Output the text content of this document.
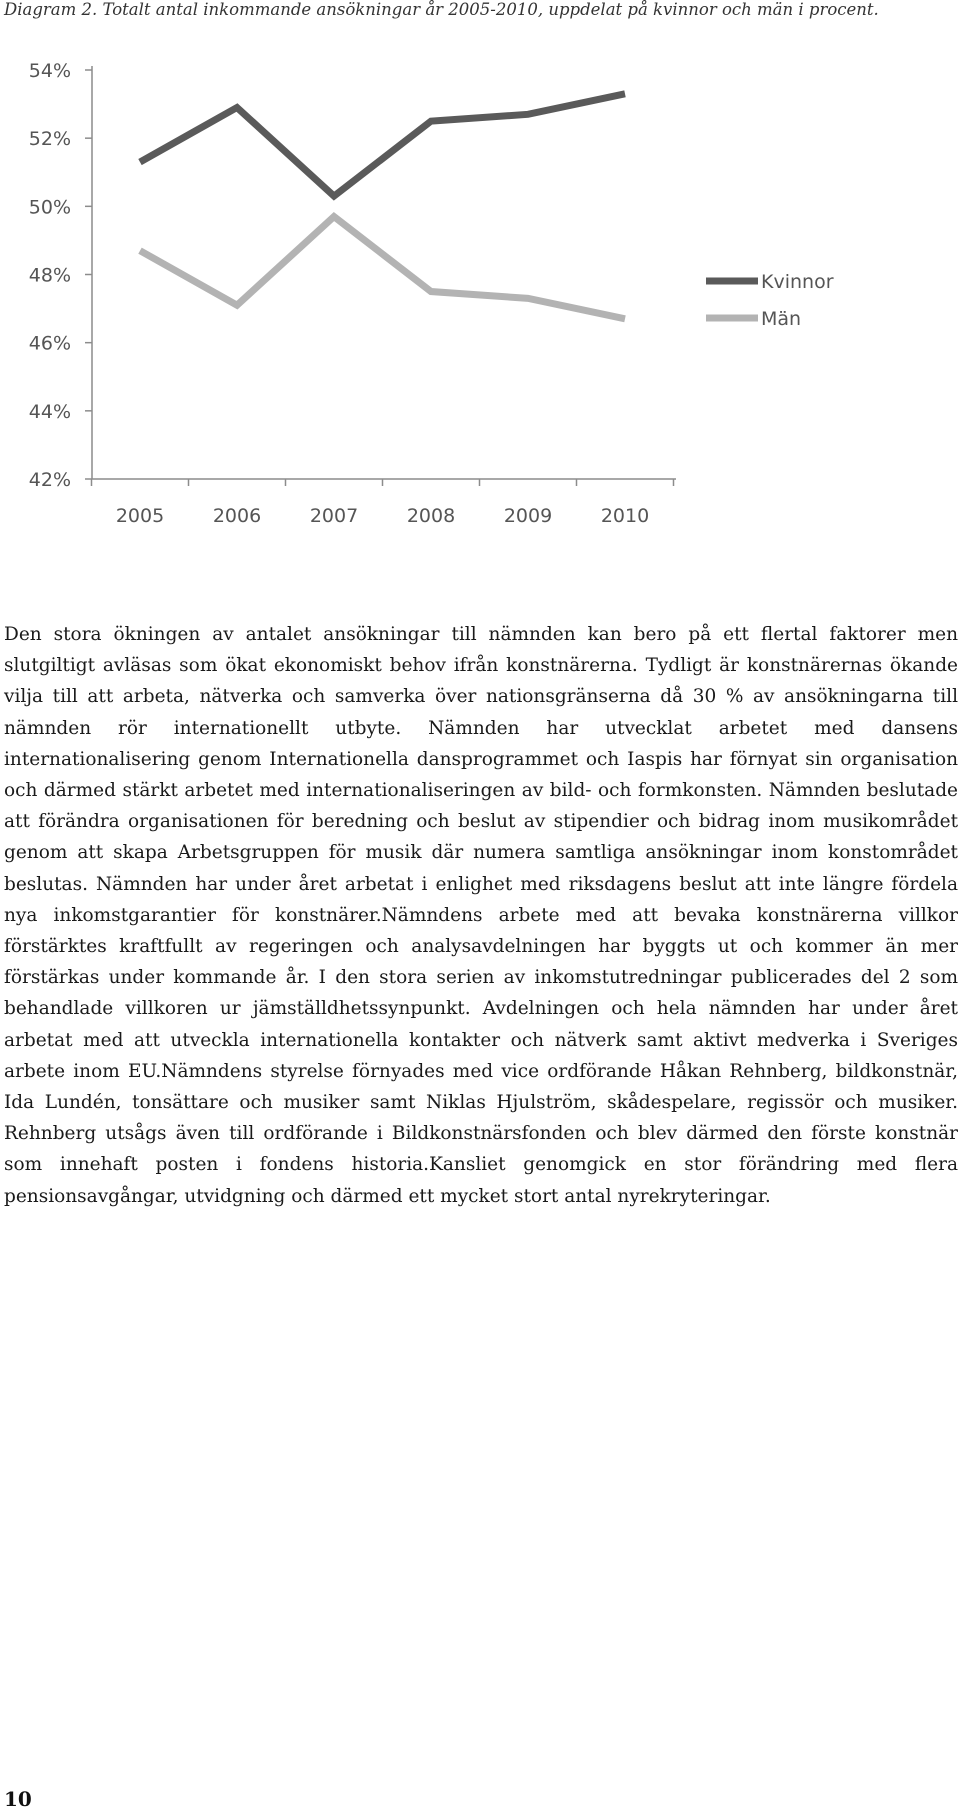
Diagram 2. Totalt antal inkommande ansökningar år 2005-2010, uppdelat på kvinnor och män i procent.
54%
52%
50%
48%
46%
44%
42%
2005	2006	2007	2008	2009	2010
Kvinnor
Män

Den stora ökningen av antalet ansökningar till nämnden kan bero på ett flertal faktorer men slutgiltigt avläsas som ökat ekonomiskt behov ifrån konstnärerna. Tydligt är konstnärernas ökande vilja till att arbeta, nätverka och samverka över nationsgränserna då 30 % av ansökningarna till nämnden rör internationellt utbyte. Nämnden har utvecklat arbetet med dansens internationalisering genom Internationella dansprogrammet och Iaspis har förnyat sin organisation och därmed stärkt arbetet med internationaliseringen av bild- och formkonsten. Nämnden beslutade att förändra organisationen för beredning och beslut av stipendier och bidrag inom musikområdet genom att skapa Arbetsgruppen för musik där numera samtliga ansökningar inom konstområdet beslutas. Nämnden har under året arbetat i enlighet med riksdagens beslut att inte längre fördela nya inkomstgarantier för konstnärer.Nämndens arbete med att bevaka konstnärerna villkor förstärktes kraftfullt av regeringen och analysavdelningen har byggts ut och kommer än mer förstärkas under kommande år. I den stora serien av inkomstutredningar publicerades del 2 som behandlade villkoren ur jämställdhetssynpunkt. Avdelningen och hela nämnden har under året arbetat med att utveckla internationella kontakter och nätverk samt aktivt medverka i Sveriges arbete inom EU.Nämndens styrelse förnyades med vice ordförande Håkan Rehnberg, bildkonstnär, Ida Lundén, tonsättare och musiker samt Niklas Hjulström, skådespelare, regissör och musiker. Rehnberg utsågs även till ordförande i Bildkonstnärsfonden och blev därmed den förste konstnär som innehaft posten i fondens historia.Kansliet genomgick en stor förändring med flera pensionsavgångar, utvidgning och därmed ett mycket stort antal nyrekryteringar.

10
